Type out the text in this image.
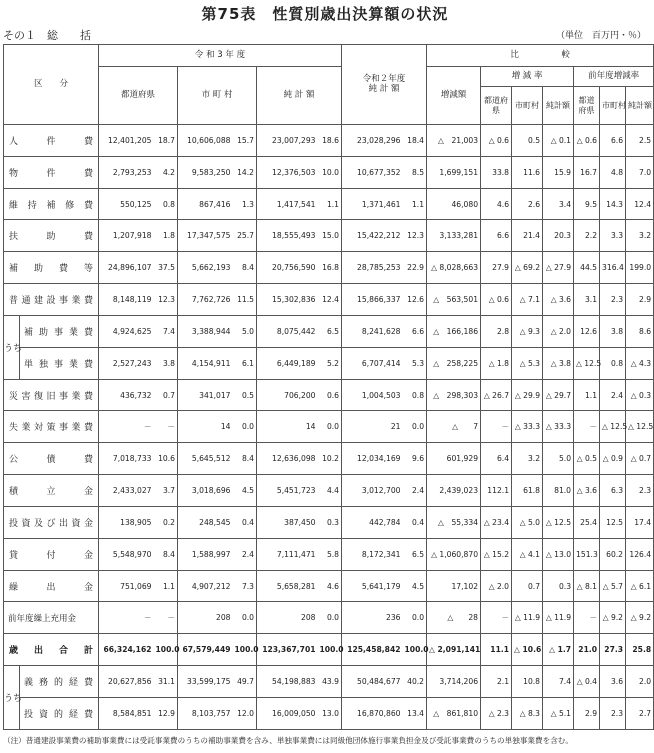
第75表　性質別歳出決算額の状況
その１　総　　括	（単位　百万円・％）
区　　分		令 和 3 年 度						令和２年度
純 計 額		比　　　　　較						
		都道府県		市 町 村		純 計 額				増減額	増 減 率			前年度増減率		
											都道府県	市町村	純計額	都道府県	市町村	純計額
人件費		12,401,205	18.7	10,606,088	15.7	23,007,293	18.6	23,028,296	18.4	△　21,003	△ 0.6	0.5	△ 0.1	△ 0.6	6.6	2.5
物件費		2,793,253	4.2	9,583,250	14.2	12,376,503	10.0	10,677,352	8.5	1,699,151	33.8	11.6	15.9	16.7	4.8	7.0
維持補修費		550,125	0.8	867,416	1.3	1,417,541	1.1	1,371,461	1.1	46,080	4.6	2.6	3.4	9.5	14.3	12.4
扶助費		1,207,918	1.8	17,347,575	25.7	18,555,493	15.0	15,422,212	12.3	3,133,281	6.6	21.4	20.3	2.2	3.3	3.2
補助費等		24,896,107	37.5	5,662,193	8.4	20,756,590	16.8	28,785,253	22.9	△ 8,028,663	27.9	△ 69.2	△ 27.9	44.5	316.4	199.0
普通建設事業費		8,148,119	12.3	7,762,726	11.5	15,302,836	12.4	15,866,337	12.6	△　563,501	△ 0.6	△ 7.1	△ 3.6	3.1	2.3	2.9
うち	補助事業費	4,924,625	7.4	3,388,944	5.0	8,075,442	6.5	8,241,628	6.6	△　166,186	2.8	△ 9.3	△ 2.0	12.6	3.8	8.6
	単独事業費	2,527,243	3.8	4,154,911	6.1	6,449,189	5.2	6,707,414	5.3	△　258,225	△ 1.8	△ 5.3	△ 3.8	△ 12.5	0.8	△ 4.3
災害復旧事業費		436,732	0.7	341,017	0.5	706,200	0.6	1,004,503	0.8	△　298,303	△ 26.7	△ 29.9	△ 29.7	1.1	2.4	△ 0.3
失業対策事業費		－	－	14	0.0	14	0.0	21	0.0	△　　7	－	△ 33.3	△ 33.3	－	△ 12.5	△ 12.5
公債費		7,018,733	10.6	5,645,512	8.4	12,636,098	10.2	12,034,169	9.6	601,929	6.4	3.2	5.0	△ 0.5	△ 0.9	△ 0.7
積立金		2,433,027	3.7	3,018,696	4.5	5,451,723	4.4	3,012,700	2.4	2,439,023	112.1	61.8	81.0	△ 3.6	6.3	2.3
投資及び出資金		138,905	0.2	248,545	0.4	387,450	0.3	442,784	0.4	△　55,334	△ 23.4	△ 5.0	△ 12.5	25.4	12.5	17.4
貸付金		5,548,970	8.4	1,588,997	2.4	7,111,471	5.8	8,172,341	6.5	△ 1,060,870	△ 15.2	△ 4.1	△ 13.0	151.3	60.2	126.4
繰出金		751,069	1.1	4,907,212	7.3	5,658,281	4.6	5,641,179	4.5	17,102	△ 2.0	0.7	0.3	△ 8.1	△ 5.7	△ 6.1
前年度繰上充用金		－	－	208	0.0	208	0.0	236	0.0	△　　28	－	△ 11.9	△ 11.9	－	△ 9.2	△ 9.2
歳出合計		66,324,162	100.0	67,579,449	100.0	123,367,701	100.0	125,458,842	100.0	△ 2,091,141	11.1	△ 10.6	△ 1.7	21.0	27.3	25.8
うち	義務的経費	20,627,856	31.1	33,599,175	49.7	54,198,883	43.9	50,484,677	40.2	3,714,206	2.1	10.8	7.4	△ 0.4	3.6	2.0
	投資的経費	8,584,851	12.9	8,103,757	12.0	16,009,050	13.0	16,870,860	13.4	△　861,810	△ 2.3	△ 8.3	△ 5.1	2.9	2.3	2.7
（注）普通建設事業費の補助事業費には受託事業費のうちの補助事業費を含み、単独事業費には同級他団体施行事業負担金及び受託事業費のうちの単独事業費を含む。
